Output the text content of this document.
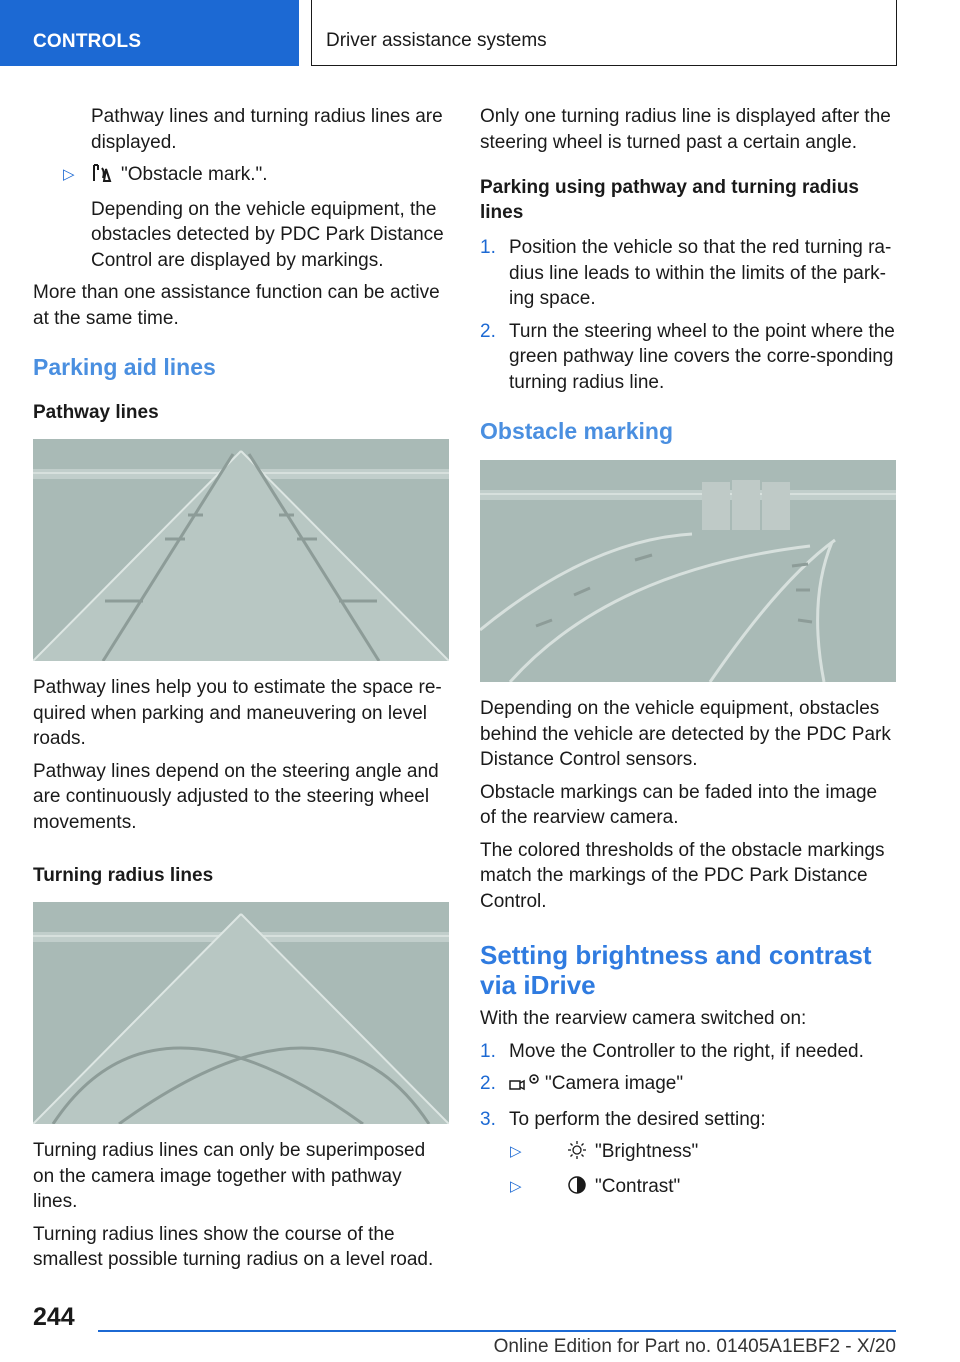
CONTROLS	Driver assistance systems

Pathway lines and turning radius lines are displayed.

▷ "Obstacle mark.".

Depending on the vehicle equipment, the obstacles detected by PDC Park Distance Control are displayed by markings.

More than one assistance function can be active at the same time.

Parking aid lines
Pathway lines

Pathway lines help you to estimate the space re-quired when parking and maneuvering on level roads.

Pathway lines depend on the steering angle and are continuously adjusted to the steering wheel movements.

Turning radius lines

Turning radius lines can only be superimposed on the camera image together with pathway lines.

Turning radius lines show the course of the smallest possible turning radius on a level road.

Only one turning radius line is displayed after the steering wheel is turned past a certain angle.

Parking using pathway and turning radius lines
1. Position the vehicle so that the red turning ra-dius line leads to within the limits of the park-ing space.
2. Turn the steering wheel to the point where the green pathway line covers the corre-sponding turning radius line.
Obstacle marking

Depending on the vehicle equipment, obstacles behind the vehicle are detected by the PDC Park Distance Control sensors.

Obstacle markings can be faded into the image of the rearview camera.

The colored thresholds of the obstacle markings match the markings of the PDC Park Distance Control.

Setting brightness and contrast via iDrive

With the rearview camera switched on:

1. Move the Controller to the right, if needed.
2.	"Camera image"
3. To perform the desired setting:
▷	"Brightness"
▷	"Contrast"
244
Online Edition for Part no. 01405A1EBF2 - X/20
